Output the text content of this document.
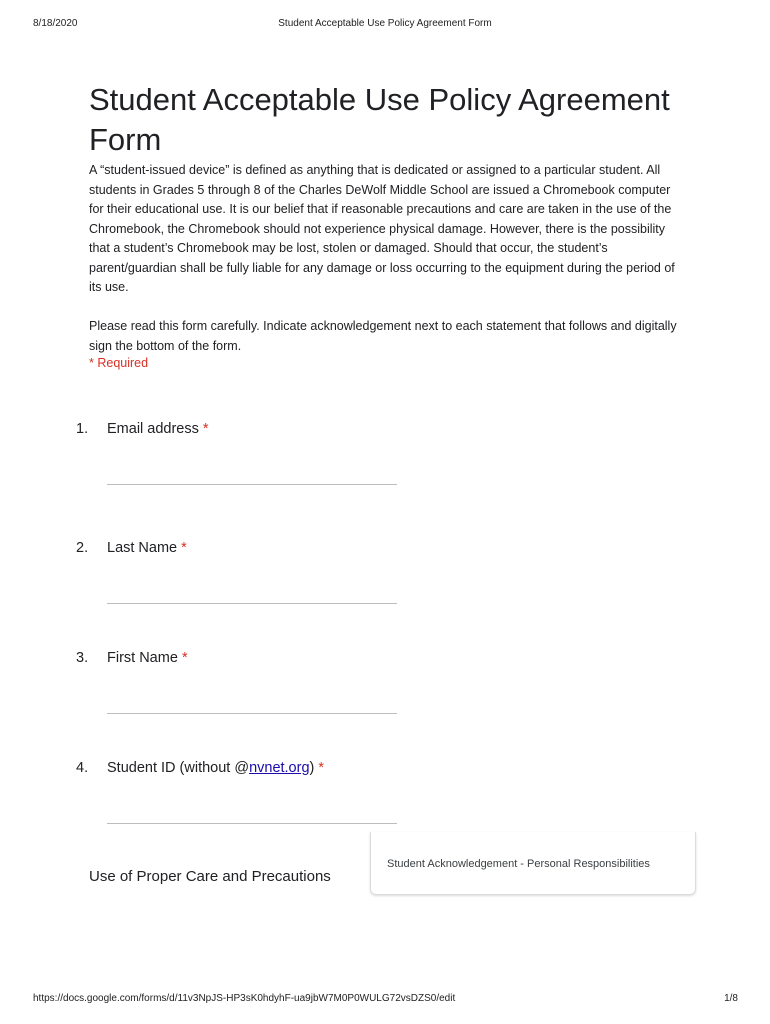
8/18/2020	Student Acceptable Use Policy Agreement Form
Student Acceptable Use Policy Agreement Form

A “student-issued device” is defined as anything that is dedicated or assigned to a particular student. All students in Grades 5 through 8 of the Charles DeWolf Middle School are issued a Chromebook computer for their educational use. It is our belief that if reasonable precautions and care are taken in the use of the Chromebook, the Chromebook should not experience physical damage. However, there is the possibility that a student’s Chromebook may be lost, stolen or damaged. Should that occur, the student’s parent/guardian shall be fully liable for any damage or loss occurring to the equipment during the period of its use.

Please read this form carefully. Indicate acknowledgement next to each statement that follows and digitally sign the bottom of the form.

* Required
1. Email address *
2. Last Name *
3. First Name *
4. Student ID (without @nvnet.org) *
Use of Proper Care and Precautions
Student Acknowledgement - Personal Responsibilities
https://docs.google.com/forms/d/11v3NpJS-HP3sK0hdyhF-ua9jbW7M0P0WULG72vsDZS0/edit	1/8
